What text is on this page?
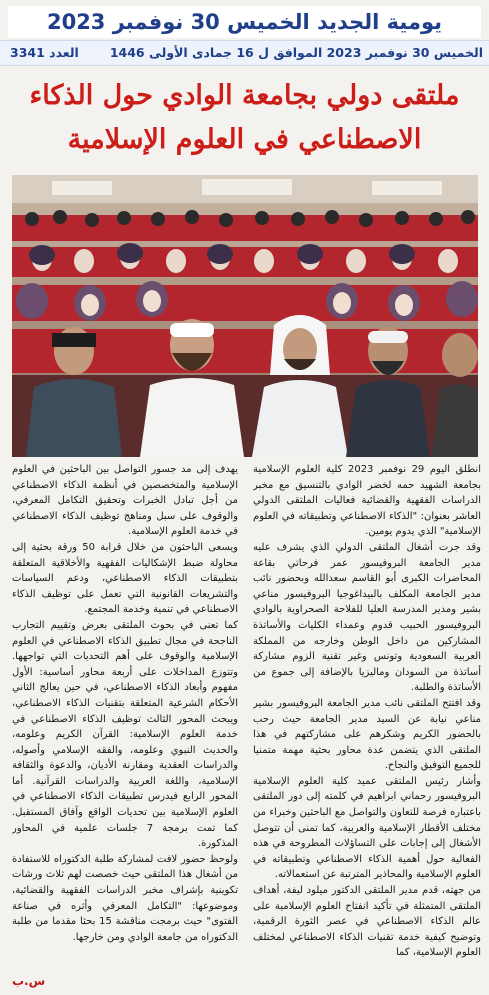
يومية الجديد الخميس 30 نوفمبر 2023
الخميس 30 نوفمبر 2023 الموافق ل 16 جمادى الأولى 1446
العدد 3341
ملتقى دولي بجامعة الوادي حول الذكاء
الاصطناعي في العلوم الإسلامية

انطلق اليوم 29 نوفمبر 2023 كلية العلوم الإسلامية بجامعة الشهيد حمه لخضر الوادي بالتنسيق مع مخبر الدراسات الفقهية والقضائية فعاليات الملتقى الدولي العاشر بعنوان: "الذكاء الاصطناعي وتطبيقاته في العلوم الإسلامية" الذي يدوم يومين.

وقد جرت أشغال الملتقى الدولي الذي يشرف عليه مدير الجامعة البروفيسور عمر فرحاتي بقاعة المحاضرات الكبرى أبو القاسم سعدالله وبحضور نائب مدير الجامعة المكلف بالبيداغوجيا البروفيسور مناعي بشير ومدير المدرسة العليا للفلاحة الصحراوية بالوادي البروفيسور الحبيب قدوم وعمداء الكليات والأساتذة المشاركين من داخل الوطن وخارجه من المملكة العربية السعودية وتونس وغير تقنية الزوم مشاركة أساتذة من السودان وماليزيا بالإضافة إلى جموع من الأساتذة والطلبة.

وقد افتتح الملتقى نائب مدير الجامعة البروفيسور بشير مناعي نيابة عن السيد مدير الجامعة حيث رحب بالحضور الكريم وشكرهم على مشاركتهم في هذا الملتقى الذي يتضمن عدة محاور بحثية مهمة متمنيا للجميع التوفيق والنجاح.

وأشار رئيس الملتقى عميد كلية العلوم الإسلامية البروفيسور رحماني ابراهيم في كلمته إلى دور الملتقى باعتباره فرصة للتعاون والتواصل مع الباحثين وخبراء من مختلف الأقطار الإسلامية والعربية، كما تمنى أن تتوصل الأشغال إلى إجابات على التساؤلات المطروحة في هذه الفعالية حول أهمية الذكاء الاصطناعي وتطبيقاته في العلوم الإسلامية والمحاذير المترتبة عن استعمالاته.

من جهته، قدم مدير الملتقى الدكتور ميلود ليفة، أهداف الملتقى المتمثلة في تأكيد انفتاح العلوم الإسلامية على عالم الذكاء الاصطناعي في عصر الثورة الرقمية، وتوضيح كيفية خدمة تقنيات الذكاء الاصطناعي لمختلف العلوم الإسلامية، كما

يهدف إلى مد جسور التواصل بين الباحثين في العلوم الإسلامية والمتخصصين في أنظمة الذكاء الاصطناعي من أجل تبادل الخبرات وتحقيق التكامل المعرفي، والوقوف على سبل ومناهج توظيف الذكاء الاصطناعي في خدمة العلوم الإسلامية.

ويسعى الباحثون من خلال قرابة 50 ورقة بحثية إلى محاولة ضبط الإشكاليات الفقهية والأخلاقية المتعلقة بتطبيقات الذكاء الاصطناعي، ودعم السياسات والتشريعات القانونية التي تعمل على توظيف الذكاء الاصطناعي في تنمية وخدمة المجتمع.

كما تعنى في بحوث الملتقى بعرض وتقييم التجارب الناجحة في مجال تطبيق الذكاء الاصطناعي في العلوم الإسلامية والوقوف على أهم التحديات التي تواجهها. وتتوزع المداخلات على أربعة محاور أساسية: الأول مفهوم وأبعاد الذكاء الاصطناعي، في حين يعالج الثاني الأحكام الشرعية المتعلقة بتقنيات الذكاء الاصطناعي، ويبحث المحور الثالث توظيف الذكاء الاصطناعي في خدمة العلوم الإسلامية: القرآن الكريم وعلومه، والحديث النبوي وعلومه، والفقه الإسلامي وأصوله، والدراسات العقدية ومقارنة الأديان، والدعوة والثقافة الإسلامية، واللغة العربية والدراسات القرآنية. أما المحور الرابع فيدرس تطبيقات الذكاء الاصطناعي في العلوم الإسلامية بين تحديات الواقع وآفاق المستقبل. كما تمت برمجة 7 جلسات علمية في المحاور المذكورة.

ولوحظ حضور لافت لمشاركة طلبة الدكتوراه للاستفادة من أشغال هذا الملتقى حيث خصصت لهم ثلاث ورشات تكوينية بإشراف مخبر الدراسات الفقهية والقضائية، وموضوعها: "التكامل المعرفي وأثره في صناعة الفتوى" حيث برمجت مناقشة 15 بحثا مقدما من طلبة الدكتوراه من جامعة الوادي ومن خارجها.

س.ب
